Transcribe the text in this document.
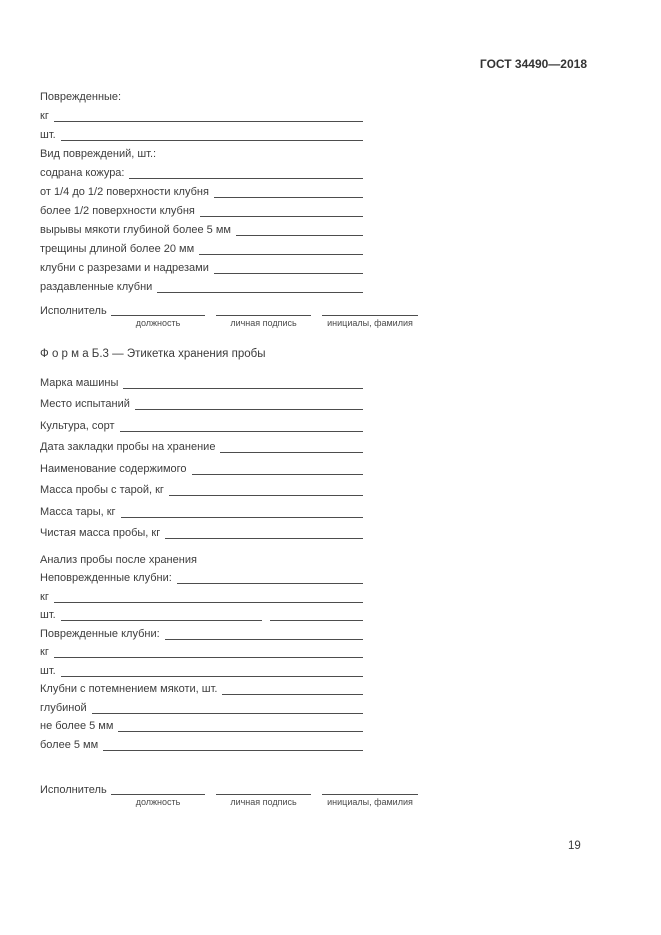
ГОСТ 34490—2018
Поврежденные:
кг
шт.
Вид повреждений, шт.:
содрана кожура:
от 1/4 до 1/2 поверхности клубня
более 1/2 поверхности клубня
вырывы мякоти глубиной более 5 мм
трещины длиной более 20 мм
клубни с разрезами и надрезами
раздавленные клубни
Исполнитель
должность	личная подпись	инициалы, фамилия
Ф о р м а Б.3 — Этикетка хранения пробы
Марка машины
Место испытаний
Культура, сорт
Дата закладки пробы на хранение
Наименование содержимого
Масса пробы с тарой, кг
Масса тары, кг
Чистая масса пробы, кг
Анализ пробы после хранения
Неповрежденные клубни:
кг
шт.
Поврежденные клубни:
кг
шт.
Клубни с потемнением мякоти, шт.
глубиной
не более 5 мм
более 5 мм
Исполнитель
должность	личная подпись	инициалы, фамилия
19
